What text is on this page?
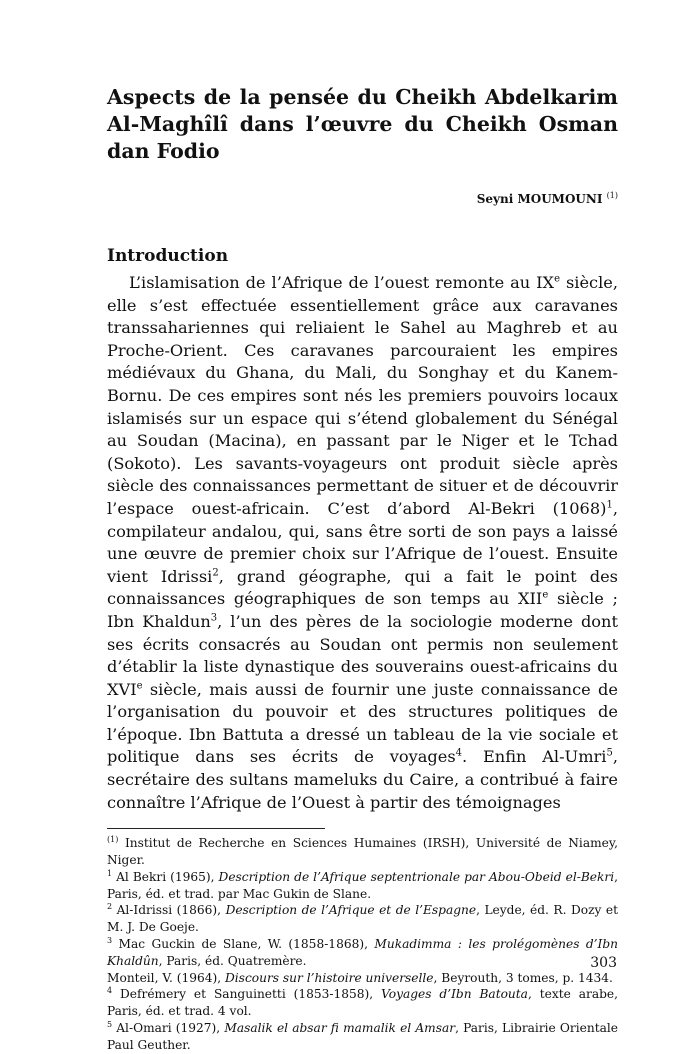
Aspects de la pensée du Cheikh Abdelkarim Al-Maghîlî dans l’œuvre du Cheikh Osman dan Fodio
Seyni MOUMOUNI $^{(1)}$
Introduction

L’islamisation de l’Afrique de l’ouest remonte au IXe siècle, elle s’est effectuée essentiellement grâce aux caravanes transsahariennes qui reliaient le Sahel au Maghreb et au Proche-Orient. Ces caravanes parcouraient les empires médiévaux du Ghana, du Mali, du Songhay et du Kanem-Bornu. De ces empires sont nés les premiers pouvoirs locaux islamisés sur un espace qui s’étend globalement du Sénégal au Soudan (Macina), en passant par le Niger et le Tchad (Sokoto). Les savants-voyageurs ont produit siècle après siècle des connaissances permettant de situer et de découvrir l’espace ouest-africain. C’est d’abord Al-Bekri $(1068)^1$, compilateur andalou, qui, sans être sorti de son pays a laissé une œuvre de premier choix sur l’Afrique de l’ouest. Ensuite vient Idrissi$^2$, grand géographe, qui a fait le point des connaissances géographiques de son temps au XIIe siècle ; Ibn Khaldun$^3$, l’un des pères de la sociologie moderne dont ses écrits consacrés au Soudan ont permis non seulement d’établir la liste dynastique des souverains ouest-africains du XVIe siècle, mais aussi de fournir une juste connaissance de l’organisation du pouvoir et des structures politiques de l’époque. Ibn Battuta a dressé un tableau de la vie sociale et politique dans ses écrits de voyages$^4$. Enfin Al-Umri$^5$, secrétaire des sultans mameluks du Caire, a contribué à faire connaître l’Afrique de l’Ouest à partir des témoignages

$^{(1)}$ Institut de Recherche en Sciences Humaines (IRSH), Université de Niamey, Niger.

$^1$ Al Bekri (1965), Description de l’Afrique septentrionale par Abou-Obeid el-Bekri, Paris, éd. et trad. par Mac Gukin de Slane.

$^2$ Al-Idrissi (1866), Description de l’Afrique et de l’Espagne, Leyde, éd. R. Dozy et M. J. De Goeje.

$^3$ Mac Guckin de Slane, W. (1858-1868), Mukadimma : les prolégomènes d’Ibn Khaldûn, Paris, éd. Quatremère.

Monteil, V. (1964), Discours sur l’histoire universelle, Beyrouth, 3 tomes, p. 1434.

$^4$ Defrémery et Sanguinetti (1853-1858), Voyages d’Ibn Batouta, texte arabe, Paris, éd. et trad. 4 vol.

$^5$ Al-Omari (1927), Masalik el absar fi mamalik el Amsar, Paris, Librairie Orientale Paul Geuther.

303
